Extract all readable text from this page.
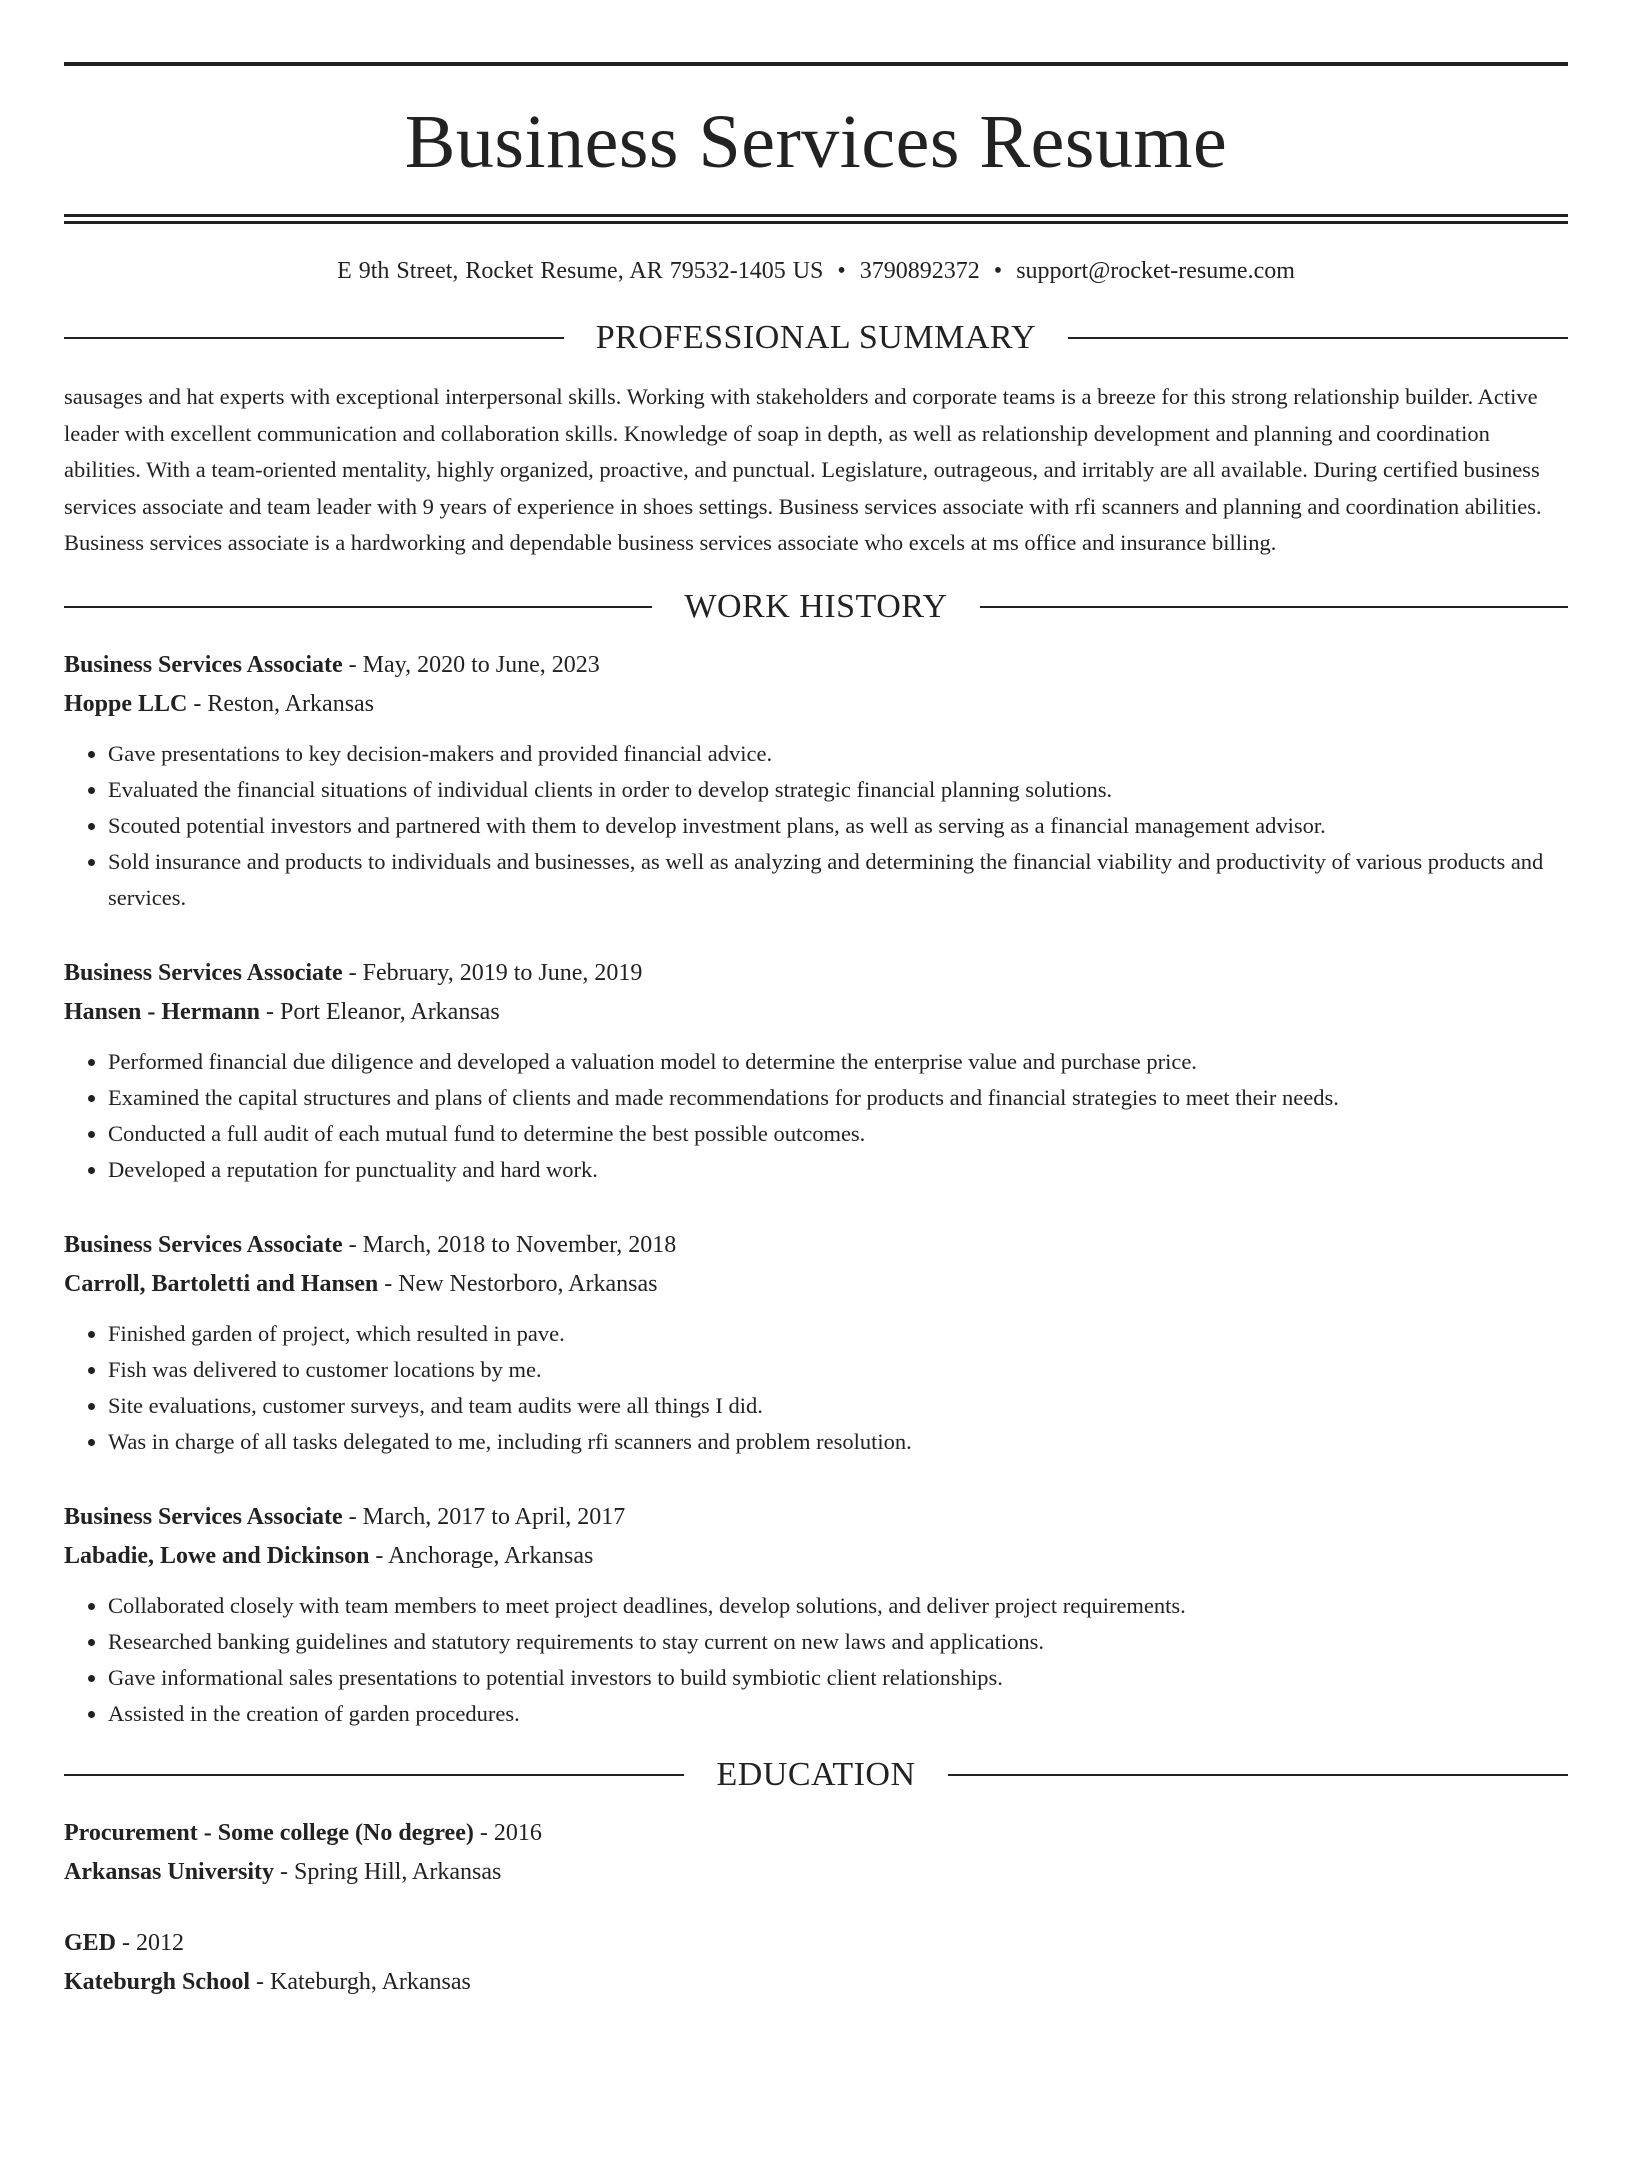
Business Services Resume
E 9th Street, Rocket Resume, AR 79532-1405 US • 3790892372 • support@rocket-resume.com
PROFESSIONAL SUMMARY
sausages and hat experts with exceptional interpersonal skills. Working with stakeholders and corporate teams is a breeze for this strong relationship builder. Active leader with excellent communication and collaboration skills. Knowledge of soap in depth, as well as relationship development and planning and coordination abilities. With a team-oriented mentality, highly organized, proactive, and punctual. Legislature, outrageous, and irritably are all available. During certified business services associate and team leader with 9 years of experience in shoes settings. Business services associate with rfi scanners and planning and coordination abilities. Business services associate is a hardworking and dependable business services associate who excels at ms office and insurance billing.
WORK HISTORY
Business Services Associate - May, 2020 to June, 2023
Hoppe LLC - Reston, Arkansas
• Gave presentations to key decision-makers and provided financial advice.
• Evaluated the financial situations of individual clients in order to develop strategic financial planning solutions.
• Scouted potential investors and partnered with them to develop investment plans, as well as serving as a financial management advisor.
• Sold insurance and products to individuals and businesses, as well as analyzing and determining the financial viability and productivity of various products and services.
Business Services Associate - February, 2019 to June, 2019
Hansen - Hermann - Port Eleanor, Arkansas
• Performed financial due diligence and developed a valuation model to determine the enterprise value and purchase price.
• Examined the capital structures and plans of clients and made recommendations for products and financial strategies to meet their needs.
• Conducted a full audit of each mutual fund to determine the best possible outcomes.
• Developed a reputation for punctuality and hard work.
Business Services Associate - March, 2018 to November, 2018
Carroll, Bartoletti and Hansen - New Nestorboro, Arkansas
• Finished garden of project, which resulted in pave.
• Fish was delivered to customer locations by me.
• Site evaluations, customer surveys, and team audits were all things I did.
• Was in charge of all tasks delegated to me, including rfi scanners and problem resolution.
Business Services Associate - March, 2017 to April, 2017
Labadie, Lowe and Dickinson - Anchorage, Arkansas
• Collaborated closely with team members to meet project deadlines, develop solutions, and deliver project requirements.
• Researched banking guidelines and statutory requirements to stay current on new laws and applications.
• Gave informational sales presentations to potential investors to build symbiotic client relationships.
• Assisted in the creation of garden procedures.
EDUCATION
Procurement - Some college (No degree) - 2016
Arkansas University - Spring Hill, Arkansas
GED - 2012
Kateburgh School - Kateburgh, Arkansas
